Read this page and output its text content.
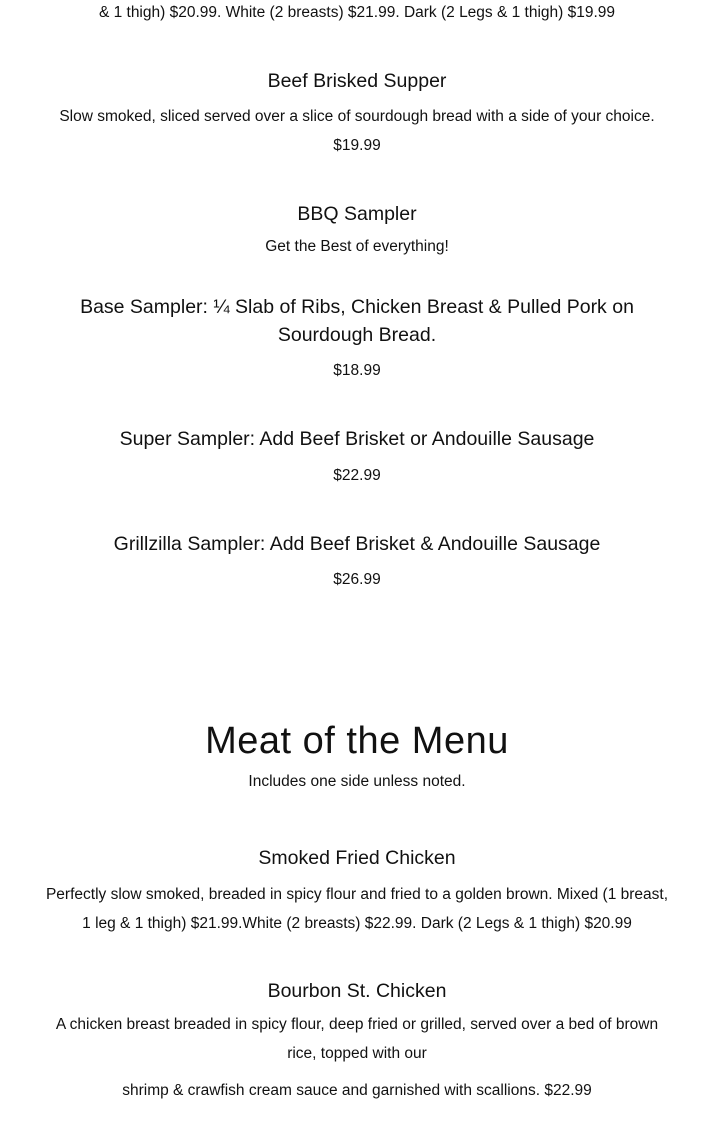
& 1 thigh) $20.99. White (2 breasts) $21.99. Dark (2 Legs & 1 thigh) $19.99
Beef Brisked Supper
Slow smoked, sliced served over a slice of sourdough bread with a side of your choice.
$19.99
BBQ Sampler
Get the Best of everything!
Base Sampler: ¼ Slab of Ribs, Chicken Breast & Pulled Pork on
Sourdough Bread.
$18.99
Super Sampler: Add Beef Brisket or Andouille Sausage
$22.99
Grillzilla Sampler: Add Beef Brisket & Andouille Sausage
$26.99
Meat of the Menu
Includes one side unless noted.
Smoked Fried Chicken
Perfectly slow smoked, breaded in spicy flour and fried to a golden brown. Mixed (1 breast,
1 leg & 1 thigh) $21.99.White (2 breasts) $22.99. Dark (2 Legs & 1 thigh) $20.99
Bourbon St. Chicken
A chicken breast breaded in spicy flour, deep fried or grilled, served over a bed of brown
rice, topped with our
shrimp & crawfish cream sauce and garnished with scallions. $22.99
